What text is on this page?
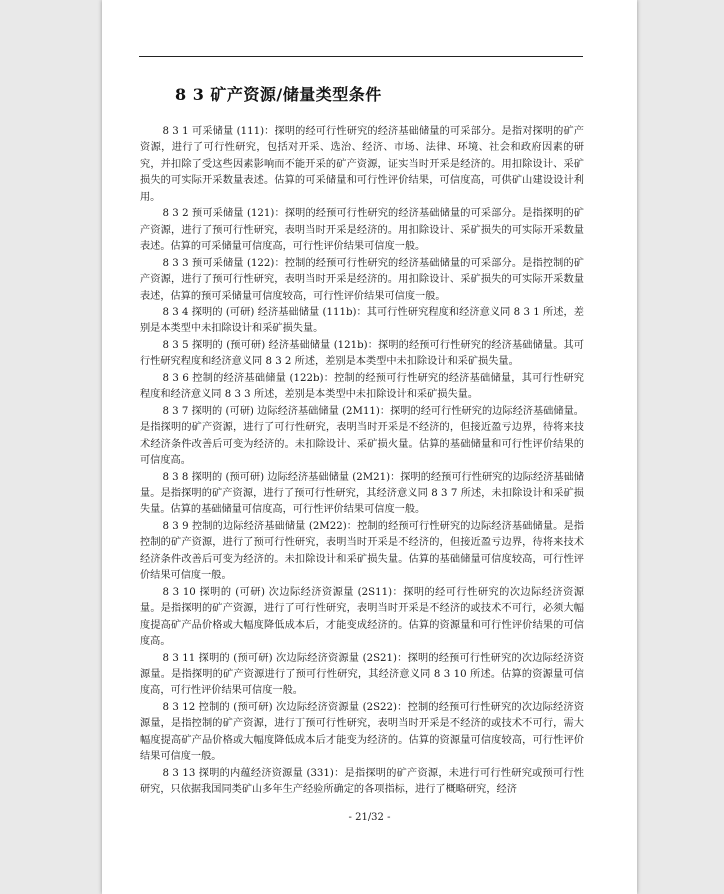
8 3 矿产资源/储量类型条件

8 3 1 可采储量 (111)：探明的经可行性研究的经济基础储量的可采部分。是指对探明的矿产资源，进行了可行性研究，包括对开采、选治、经济、市场、法律、环境、社会和政府因素的研究，并扣除了受这些因素影响而不能开采的矿产资源，证实当时开采是经济的。用扣除设计、采矿损失的可实际开采数量表述。估算的可采储量和可行性评价结果，可信度高，可供矿山建设设计利用。

8 3 2 预可采储量 (121)：探明的经预可行性研究的经济基础储量的可采部分。是指探明的矿产资源，进行了预可行性研究，表明当时开采是经济的。用扣除设计、采矿损失的可实际开采数量表述。估算的可采储量可信度高，可行性评价结果可信度一般。

8 3 3 预可采储量 (122)：控制的经预可行性研究的经济基础储量的可采部分。是指控制的矿产资源，进行了预可行性研究，表明当时开采是经济的。用扣除设计、采矿损失的可实际开采数量表述，估算的预可采储量可信度较高，可行性评价结果可信度一般。

8 3 4 探明的 (可研) 经济基础储量 (111b)：其可行性研究程度和经济意义同 8 3 1 所述，差别是本类型中未扣除设计和采矿损失量。

8 3 5 探明的 (预可研) 经济基础储量 (121b)：探明的经预可行性研究的经济基础储量。其可行性研究程度和经济意义同 8 3 2 所述，差别是本类型中未扣除设计和采矿损失量。

8 3 6 控制的经济基础储量 (122b)：控制的经预可行性研究的经济基础储量，其可行性研究程度和经济意义同 8 3 3 所述，差别是本类型中未扣除设计和采矿损失量。

8 3 7 探明的 (可研) 边际经济基础储量 (2M11)：探明的经可行性研究的边际经济基础储量。是指探明的矿产资源，进行了可行性研究，表明当时开采是不经济的，但接近盈亏边界，待将来技术经济条件改善后可变为经济的。未扣除设计、采矿损火量。估算的基础储量和可行性评价结果的可信度高。

8 3 8 探明的 (预可研) 边际经济基础储量 (2M21)：探明的经预可行性研究的边际经济基础储量。是指探明的矿产资源，进行了预可行性研究，其经济意义同 8 3 7 所述，未扣除设计和采矿损失量。估算的基础储量可信度高，可行性评价结果可信度一般。

8 3 9 控制的边际经济基础储量 (2M22)：控制的经预可行性研究的边际经济基础储量。是指控制的矿产资源，进行了预可行性研究，表明当时开采是不经济的，但接近盈亏边界，待将来技术经济条件改善后可变为经济的。未扣除设计和采矿损失量。估算的基础储量可信度较高，可行性评价结果可信度一般。

8 3 10 探明的 (可研) 次边际经济资源量 (2S11)：探明的经可行性研究的次边际经济资源量。是指探明的矿产资源，进行了可行性研究，表明当时开采是不经济的或技术不可行，必须大幅度提高矿产品价格或大幅度降低成本后，才能变成经济的。估算的资源量和可行性评价结果的可信度高。

8 3 11 探明的 (预可研) 次边际经济资源量 (2S21)：探明的经预可行性研究的次边际经济资源量。是指探明的矿产资源进行了预可行性研究，其经济意义同 8 3 10 所述。估算的资源量可信度高，可行性评价结果可信度一般。

8 3 12 控制的 (预可研) 次边际经济资源量 (2S22)：控制的经预可行性研究的次边际经济资源量，是指控制的矿产资源，进行丁预可行性研究，表明当时开采是不经济的或技术不可行，需大幅度提高矿产品价格或大幅度降低成本后才能变为经济的。估算的资源量可信度较高，可行性评价结果可信度一般。

8 3 13 探明的内蕴经济资源量 (331)：是指探明的矿产资源，未进行可行性研究或预可行性研究，只依据我国同类矿山多年生产经验所确定的各项指标，进行了概略研究，经济

- 21/32 -
